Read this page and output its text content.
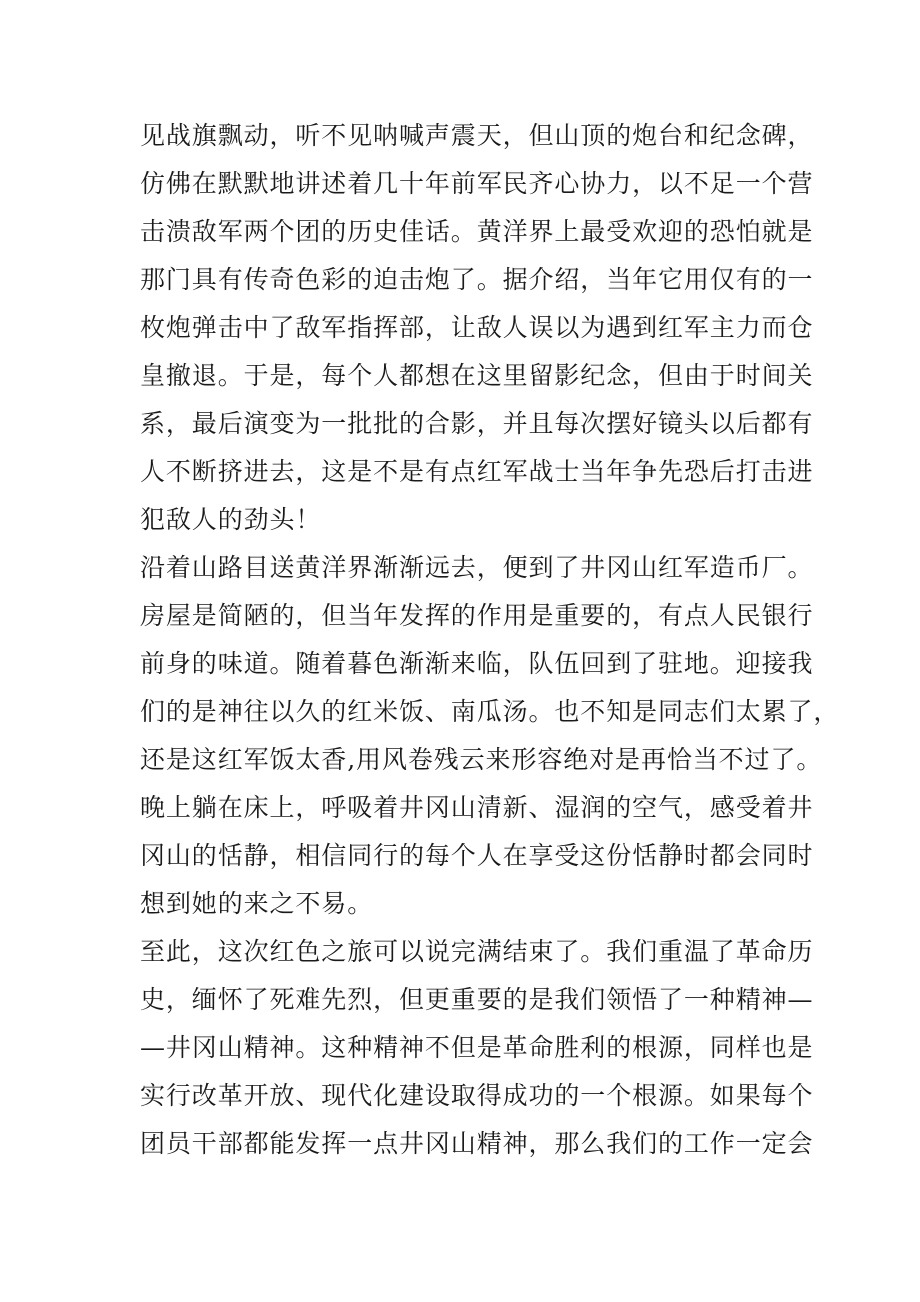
见战旗飘动，听不见呐喊声震天，但山顶的炮台和纪念碑，

仿佛在默默地讲述着几十年前军民齐心协力，以不足一个营

击溃敌军两个团的历史佳话。黄洋界上最受欢迎的恐怕就是

那门具有传奇色彩的迫击炮了。据介绍，当年它用仅有的一

枚炮弹击中了敌军指挥部，让敌人误以为遇到红军主力而仓

皇撤退。于是，每个人都想在这里留影纪念，但由于时间关

系，最后演变为一批批的合影，并且每次摆好镜头以后都有

人不断挤进去，这是不是有点红军战士当年争先恐后打击进

犯敌人的劲头！

沿着山路目送黄洋界渐渐远去，便到了井冈山红军造币厂。

房屋是简陋的，但当年发挥的作用是重要的，有点人民银行

前身的味道。随着暮色渐渐来临，队伍回到了驻地。迎接我

们的是神往以久的红米饭、南瓜汤。也不知是同志们太累了，

还是这红军饭太香,用风卷残云来形容绝对是再恰当不过了。

晚上躺在床上，呼吸着井冈山清新、湿润的空气，感受着井

冈山的恬静，相信同行的每个人在享受这份恬静时都会同时

想到她的来之不易。

至此，这次红色之旅可以说完满结束了。我们重温了革命历

史，缅怀了死难先烈，但更重要的是我们领悟了一种精神—

—井冈山精神。这种精神不但是革命胜利的根源，同样也是

实行改革开放、现代化建设取得成功的一个根源。如果每个

团员干部都能发挥一点井冈山精神，那么我们的工作一定会
